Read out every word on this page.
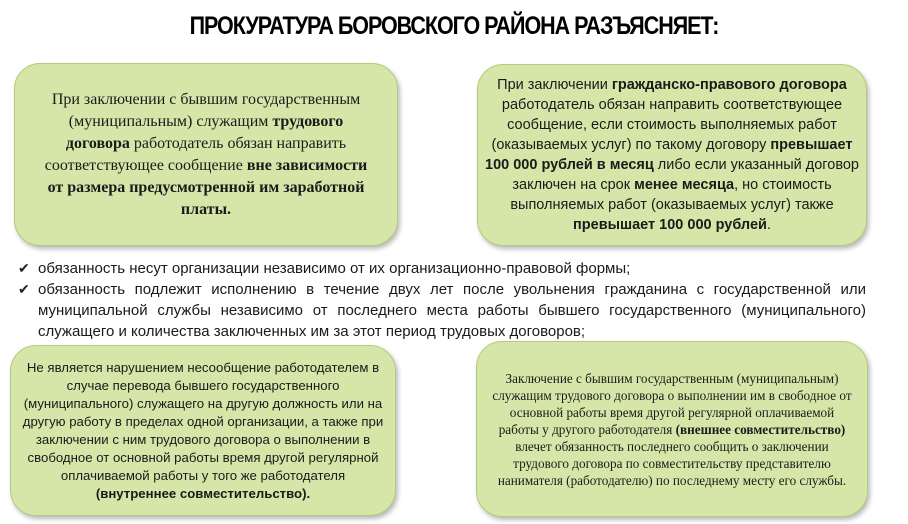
ПРОКУРАТУРА БОРОВСКОГО РАЙОНА РАЗЪЯСНЯЕТ:
При заключении с бывшим государственным (муниципальным) служащим трудового договора работодатель обязан направить соответствующее сообщение вне зависимости от размера предусмотренной им заработной платы.
При заключении гражданско-правового договора работодатель обязан направить соответствующее сообщение, если стоимость выполняемых работ (оказываемых услуг) по такому договору превышает 100 000 рублей в месяц либо если указанный договор заключен на срок менее месяца, но стоимость выполняемых работ (оказываемых услуг) также превышает 100 000 рублей.
✔ обязанность несут организации независимо от их организационно-правовой формы;
✔ обязанность подлежит исполнению в течение двух лет после увольнения гражданина с государственной или муниципальной службы независимо от последнего места работы бывшего государственного (муниципального) служащего и количества заключенных им за этот период трудовых договоров;
Не является нарушением несообщение работодателем в случае перевода бывшего государственного (муниципального) служащего на другую должность или на другую работу в пределах одной организации, а также при заключении с ним трудового договора о выполнении в свободное от основной работы время другой регулярной оплачиваемой работы у того же работодателя (внутреннее совместительство).
Заключение с бывшим государственным (муниципальным) служащим трудового договора о выполнении им в свободное от основной работы время другой регулярной оплачиваемой работы у другого работодателя (внешнее совместительство) влечет обязанность последнего сообщить о заключении трудового договора по совместительству представителю нанимателя (работодателю) по последнему месту его службы.
